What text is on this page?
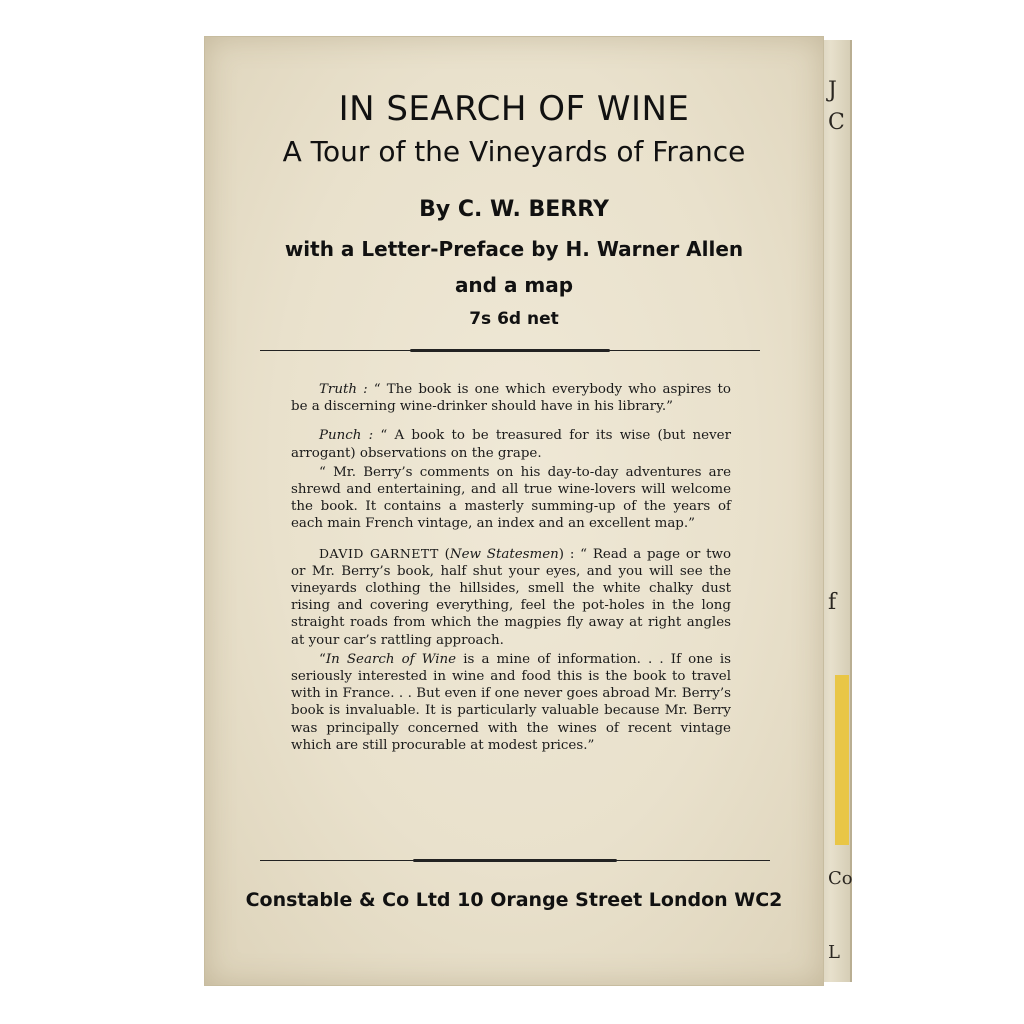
J
C
f
Co
L
IN SEARCH OF WINE
A Tour of the Vineyards of France
By C. W. BERRY
with a Letter-Preface by H. Warner Allen
and a map
7s 6d net

Truth : “ The book is one which everybody who aspires to be a discerning wine-drinker should have in his library.”

Punch : “ A book to be treasured for its wise (but never arrogant) observations on the grape.

“ Mr. Berry’s comments on his day-to-day adventures are shrewd and entertaining, and all true wine-lovers will welcome the book. It contains a masterly summing-up of the years of each main French vintage, an index and an excellent map.”

DAVID GARNETT (New Statesmen) : “ Read a page or two or Mr. Berry’s book, half shut your eyes, and you will see the vineyards clothing the hillsides, smell the white chalky dust rising and covering everything, feel the pot-holes in the long straight roads from which the magpies fly away at right angles at your car’s rattling approach.

“In Search of Wine is a mine of information. . . If one is seriously interested in wine and food this is the book to travel with in France. . . But even if one never goes abroad Mr. Berry’s book is invaluable. It is particularly valuable because Mr. Berry was principally concerned with the wines of recent vintage which are still procurable at modest prices.”

Constable & Co Ltd 10 Orange Street London WC2
